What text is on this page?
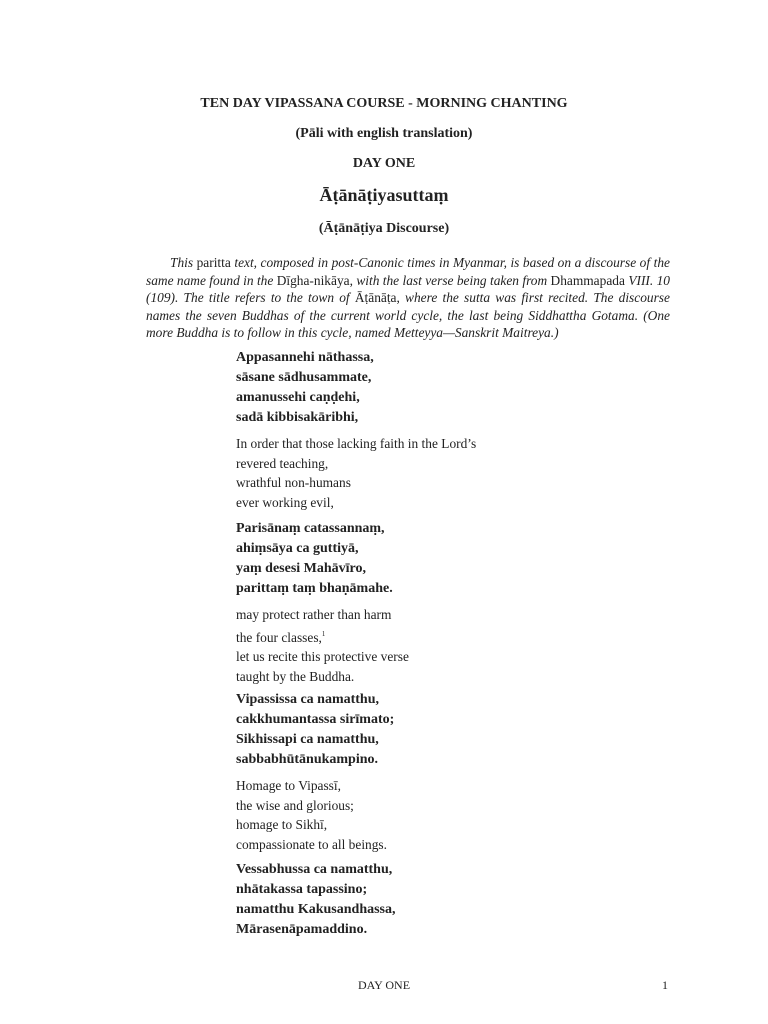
TEN DAY VIPASSANA COURSE - MORNING CHANTING
(Pāli with english translation)
DAY ONE
Āṭānāṭiyasuttaṃ
(Āṭānāṭiya Discourse)

This paritta text, composed in post-Canonic times in Myanmar, is based on a discourse of the same name found in the Dīgha-nikāya, with the last verse being taken from Dhammapada VIII. 10 (109). The title refers to the town of Āṭānāṭa, where the sutta was first recited. The discourse names the seven Buddhas of the current world cycle, the last being Siddhattha Gotama. (One more Buddha is to follow in this cycle, named Metteyya—Sanskrit Maitreya.)

Appasannehi nāthassa,
sāsane sādhusammate,
amanussehi caṇḍehi,
sadā kibbisakāribhi,
In order that those lacking faith in the Lord’s
revered teaching,
wrathful non-humans
ever working evil,
Parisānaṃ catassannaṃ,
ahiṃsāya ca guttiyā,
yaṃ desesi Mahāvīro,
parittaṃ taṃ bhaṇāmahe.
may protect rather than harm
the four classes,$^1$
let us recite this protective verse
taught by the Buddha.
Vipassissa ca namatthu,
cakkhumantassa sirīmato;
Sikhissapi ca namatthu,
sabbabhūtānukampino.
Homage to Vipassī,
the wise and glorious;
homage to Sikhī,
compassionate to all beings.
Vessabhussa ca namatthu,
nhātakassa tapassino;
namatthu Kakusandhassa,
Mārasenāpamaddino.
DAY ONE	1
